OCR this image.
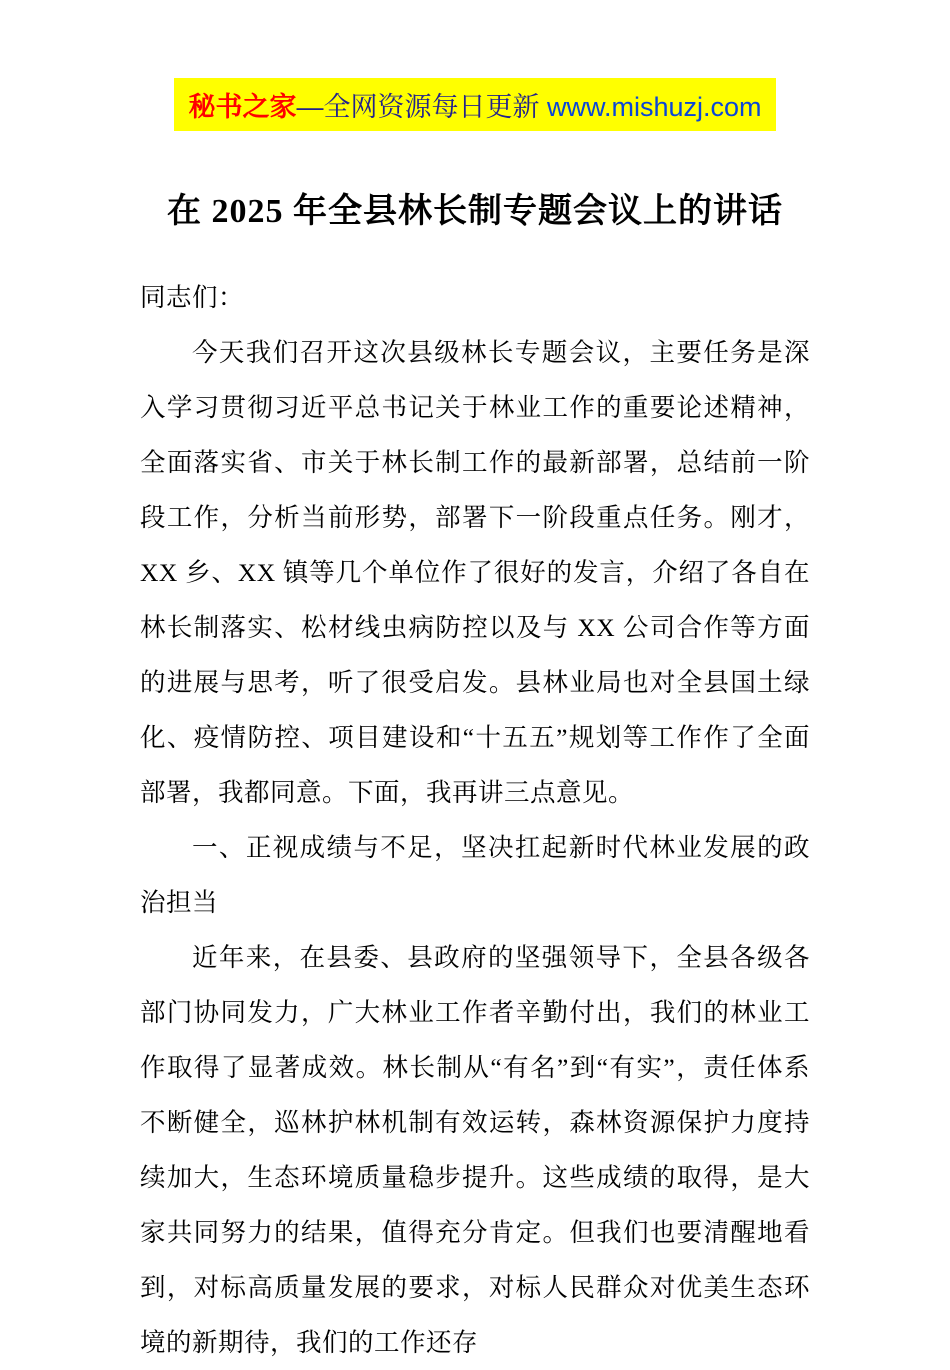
秘书之家—全网资源每日更新 www.mishuzj.com
在 2025 年全县林长制专题会议上的讲话

同志们：

今天我们召开这次县级林长专题会议，主要任务是深入学习贯彻习近平总书记关于林业工作的重要论述精神，全面落实省、市关于林长制工作的最新部署，总结前一阶段工作，分析当前形势，部署下一阶段重点任务。刚才，XX 乡、XX 镇等几个单位作了很好的发言，介绍了各自在林长制落实、松材线虫病防控以及与 XX 公司合作等方面的进展与思考，听了很受启发。县林业局也对全县国土绿化、疫情防控、项目建设和“十五五”规划等工作作了全面部署，我都同意。下面，我再讲三点意见。

一、正视成绩与不足，坚决扛起新时代林业发展的政治担当

近年来，在县委、县政府的坚强领导下，全县各级各部门协同发力，广大林业工作者辛勤付出，我们的林业工作取得了显著成效。林长制从“有名”到“有实”，责任体系不断健全，巡林护林机制有效运转，森林资源保护力度持续加大，生态环境质量稳步提升。这些成绩的取得，是大家共同努力的结果，值得充分肯定。但我们也要清醒地看到，对标高质量发展的要求，对标人民群众对优美生态环境的新期待，我们的工作还存
